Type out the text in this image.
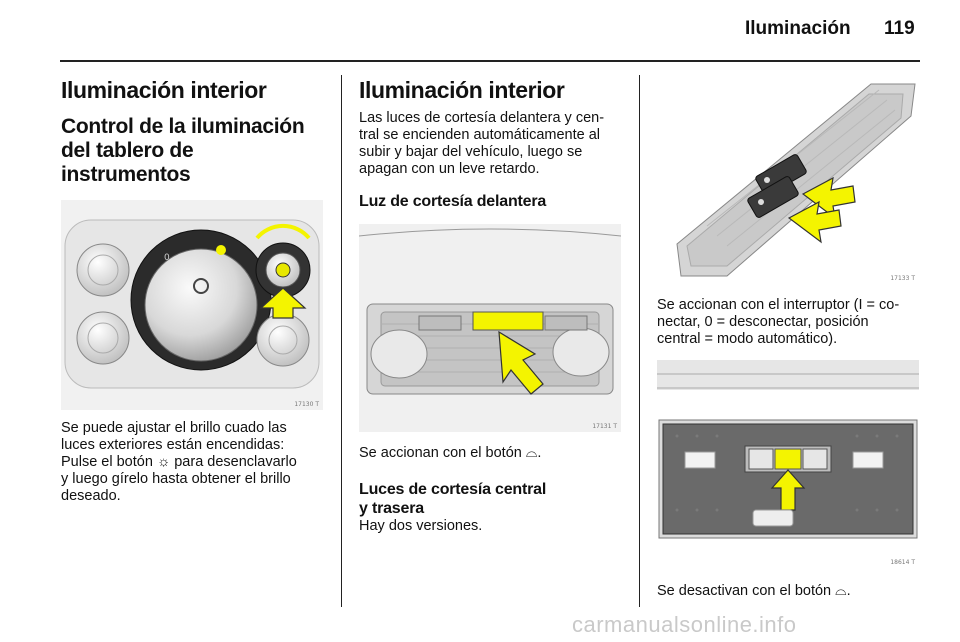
Iluminación 119
Iluminación interior
Control de la iluminación
del tablero de
instrumentos
0
17130 T
Se puede ajustar el brillo cuado las
luces exteriores están encendidas:
Pulse el botón ☼ para desenclavarlo
y luego gírelo hasta obtener el brillo
deseado.
Iluminación interior
Las luces de cortesía delantera y cen-
tral se encienden automáticamente al
subir y bajar del vehículo, luego se
apagan con un leve retardo.
Luz de cortesía delantera
17131 T
Se accionan con el botón ⌓.
Luces de cortesía central
y trasera
Hay dos versiones.
17133 T
Se accionan con el interruptor (I = co-
nectar, 0 = desconectar, posición
central = modo automático).
18614 T
Se desactivan con el botón ⌓.
carmanualsonline.info
